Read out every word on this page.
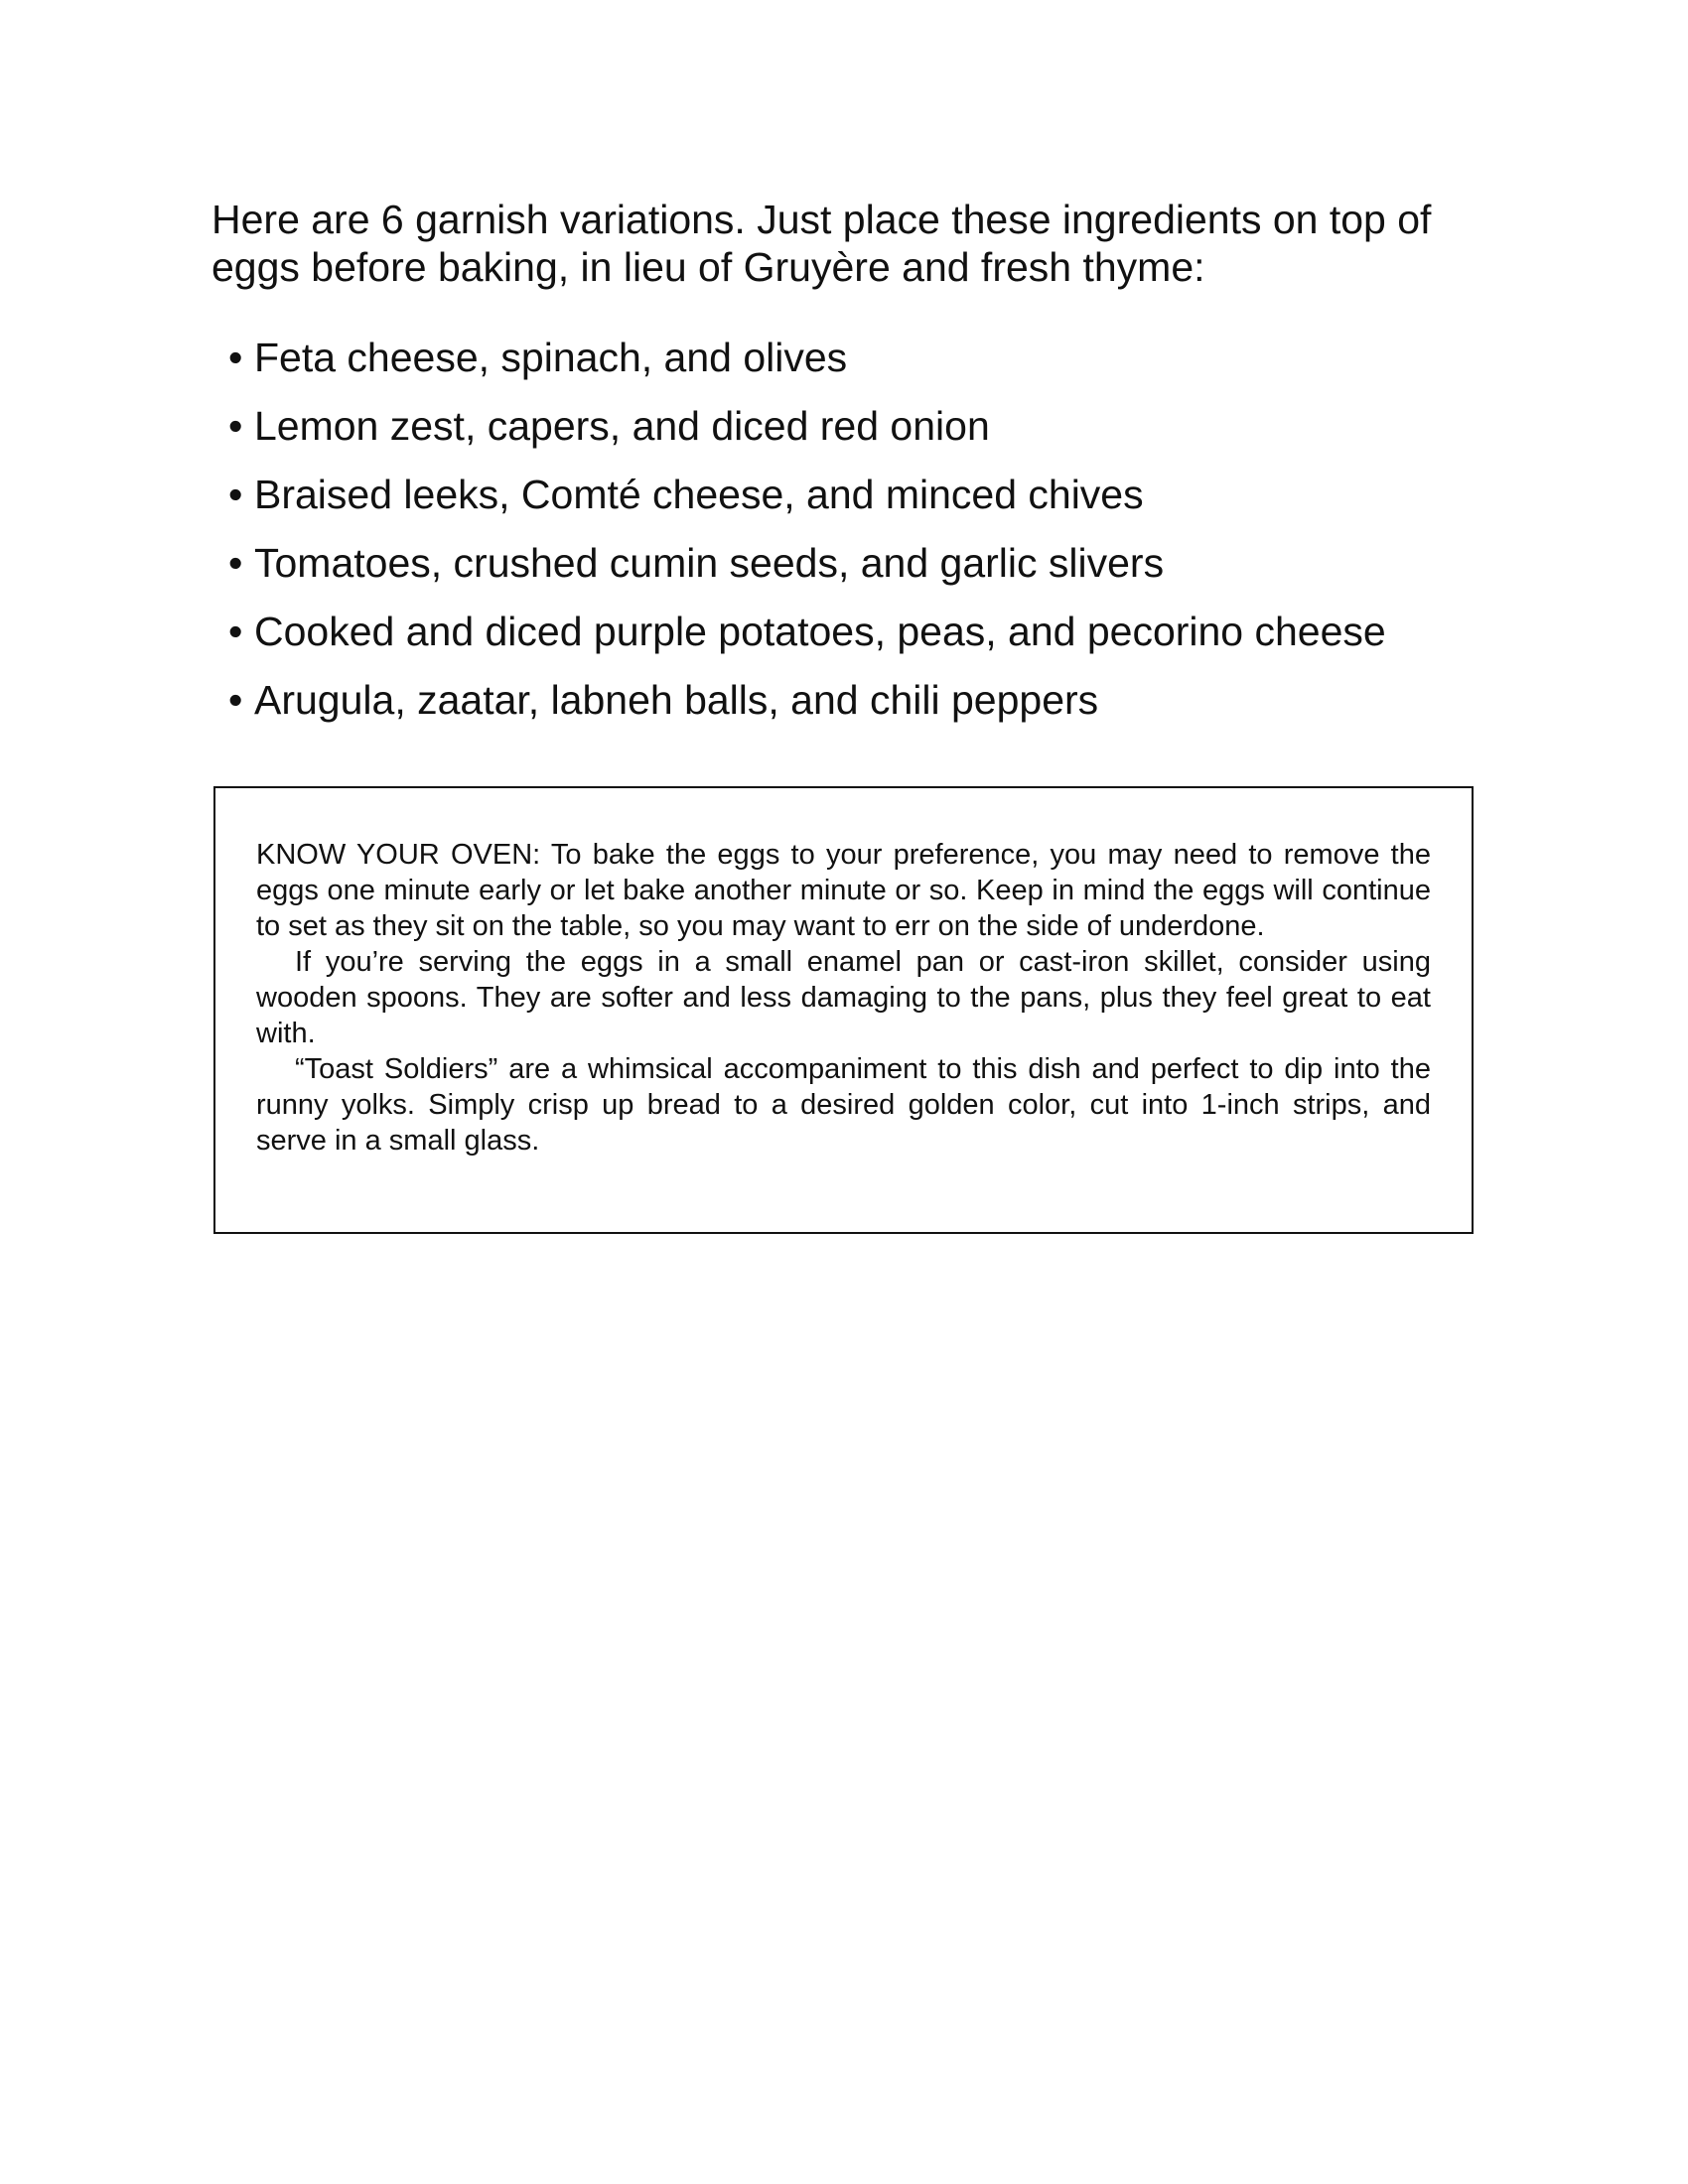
Here are 6 garnish variations. Just place these ingredients on top of eggs before baking, in lieu of Gruyère and fresh thyme:

• Feta cheese, spinach, and olives
• Lemon zest, capers, and diced red onion
• Braised leeks, Comté cheese, and minced chives
• Tomatoes, crushed cumin seeds, and garlic slivers
• Cooked and diced purple potatoes, peas, and pecorino cheese
• Arugula, zaatar, labneh balls, and chili peppers

KNOW YOUR OVEN: To bake the eggs to your preference, you may need to remove the eggs one minute early or let bake another minute or so. Keep in mind the eggs will continue to set as they sit on the table, so you may want to err on the side of underdone.

If you’re serving the eggs in a small enamel pan or cast-iron skillet, consider using wooden spoons. They are softer and less damaging to the pans, plus they feel great to eat with.

“Toast Soldiers” are a whimsical accompaniment to this dish and perfect to dip into the runny yolks. Simply crisp up bread to a desired golden color, cut into 1-inch strips, and serve in a small glass.
